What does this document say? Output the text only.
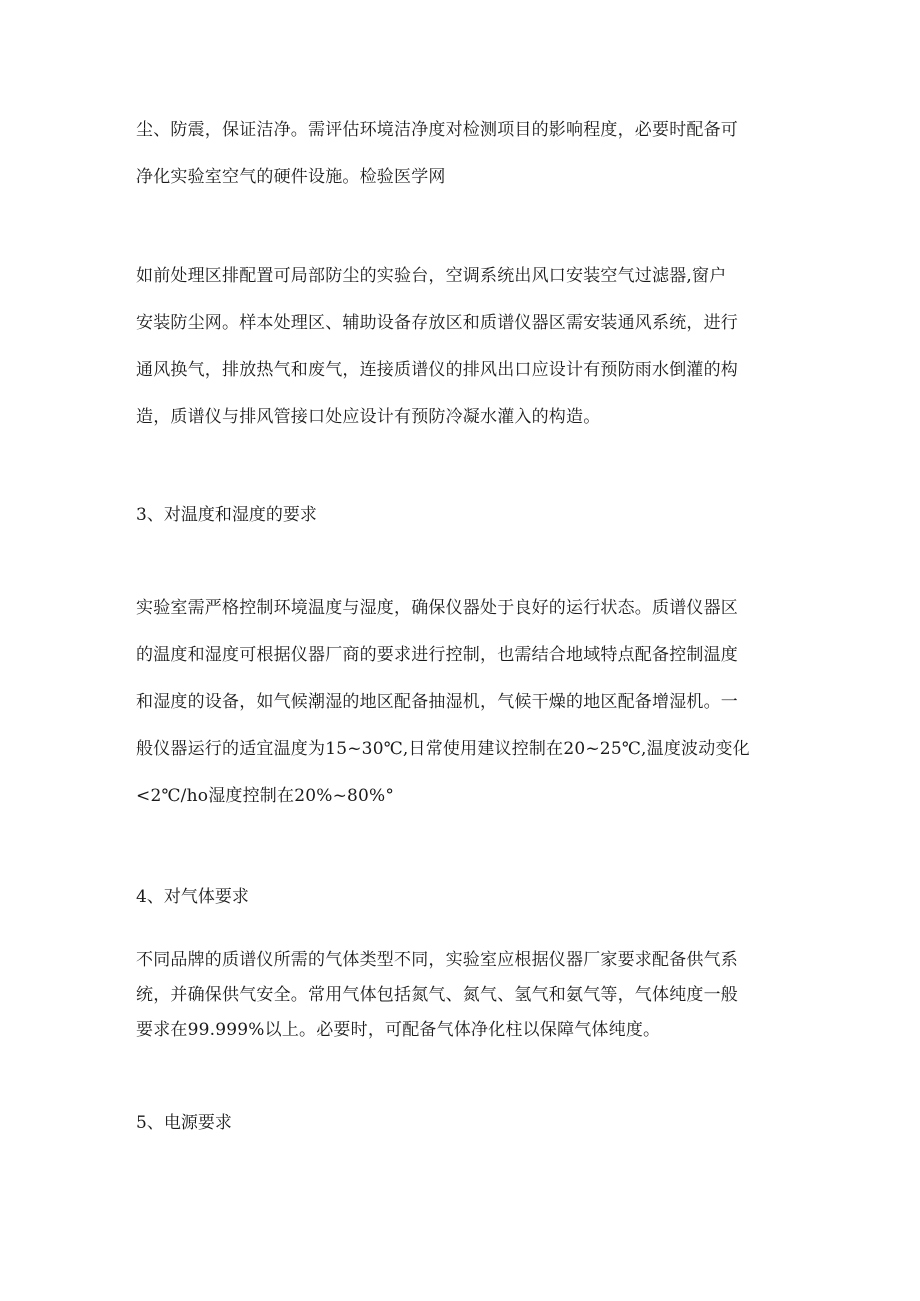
尘、防震，保证洁净。需评估环境洁净度对检测项目的影响程度，必要时配备可
净化实验室空气的硬件设施。检验医学网
如前处理区排配置可局部防尘的实验台，空调系统出风口安装空气过滤器,窗户
安装防尘网。样本处理区、辅助设备存放区和质谱仪器区需安装通风系统，进行
通风换气，排放热气和废气，连接质谱仪的排风出口应设计有预防雨水倒灌的构
造，质谱仪与排风管接口处应设计有预防冷凝水灌入的构造。
3、对温度和湿度的要求
实验室需严格控制环境温度与湿度，确保仪器处于良好的运行状态。质谱仪器区
的温度和湿度可根据仪器厂商的要求进行控制，也需结合地域特点配备控制温度
和湿度的设备，如气候潮湿的地区配备抽湿机，气候干燥的地区配备增湿机。一
般仪器运行的适宜温度为15~30℃,日常使用建议控制在20~25℃,温度波动变化
<2℃/ho湿度控制在20%~80%°
4、对气体要求
不同品牌的质谱仪所需的气体类型不同，实验室应根据仪器厂家要求配备供气系
统，并确保供气安全。常用气体包括氮气、氮气、氢气和氨气等，气体纯度一般
要求在99.999%以上。必要时，可配备气体净化柱以保障气体纯度。
5、电源要求
